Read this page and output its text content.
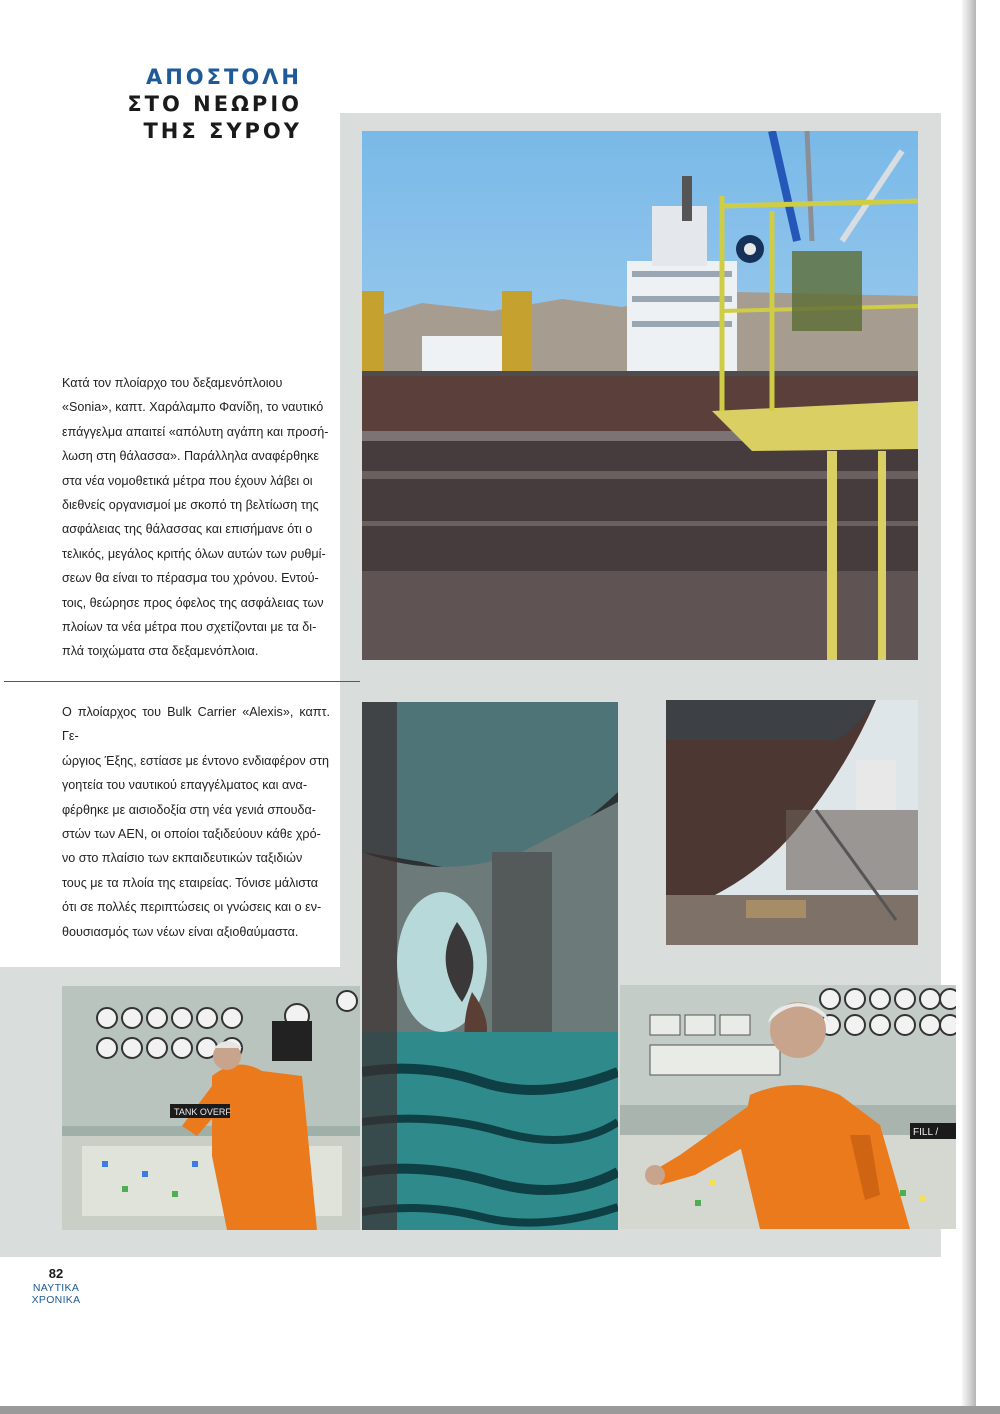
ΑΠΟΣΤΟΛΗ
ΣΤΟ ΝΕΩΡΙΟ
ΤΗΣ ΣΥΡΟΥ
Κατά τον πλοίαρχο του δεξαμενόπλοιου
«Sonia», καπτ. Χαράλαμπο Φανίδη, το ναυτικό
επάγγελμα απαιτεί «απόλυτη αγάπη και προσή-
λωση στη θάλασσα». Παράλληλα αναφέρθηκε
στα νέα νομοθετικά μέτρα που έχουν λάβει οι
διεθνείς οργανισμοί με σκοπό τη βελτίωση της
ασφάλειας της θάλασσας και επισήμανε ότι ο
τελικός, μεγάλος κριτής όλων αυτών των ρυθμί-
σεων θα είναι το πέρασμα του χρόνου. Εντού-
τοις, θεώρησε προς όφελος της ασφάλειας των
πλοίων τα νέα μέτρα που σχετίζονται με τα δι-
πλά τοιχώματα στα δεξαμενόπλοια.
Ο πλοίαρχος του Bulk Carrier «Alexis», καπτ. Γε-
ώργιος Έξης, εστίασε με έντονο ενδιαφέρον στη
γοητεία του ναυτικού επαγγέλματος και ανα-
φέρθηκε με αισιοδοξία στη νέα γενιά σπουδα-
στών των ΑΕΝ, οι οποίοι ταξιδεύουν κάθε χρό-
νο στο πλαίσιο των εκπαιδευτικών ταξιδιών
τους με τα πλοία της εταιρείας. Τόνισε μάλιστα
ότι σε πολλές περιπτώσεις οι γνώσεις και ο εν-
θουσιασμός των νέων είναι αξιοθαύμαστα.
TANK OVERF
FILL /
82
ΝΑΥΤΙΚΑ
ΧΡΟΝΙΚΑ
